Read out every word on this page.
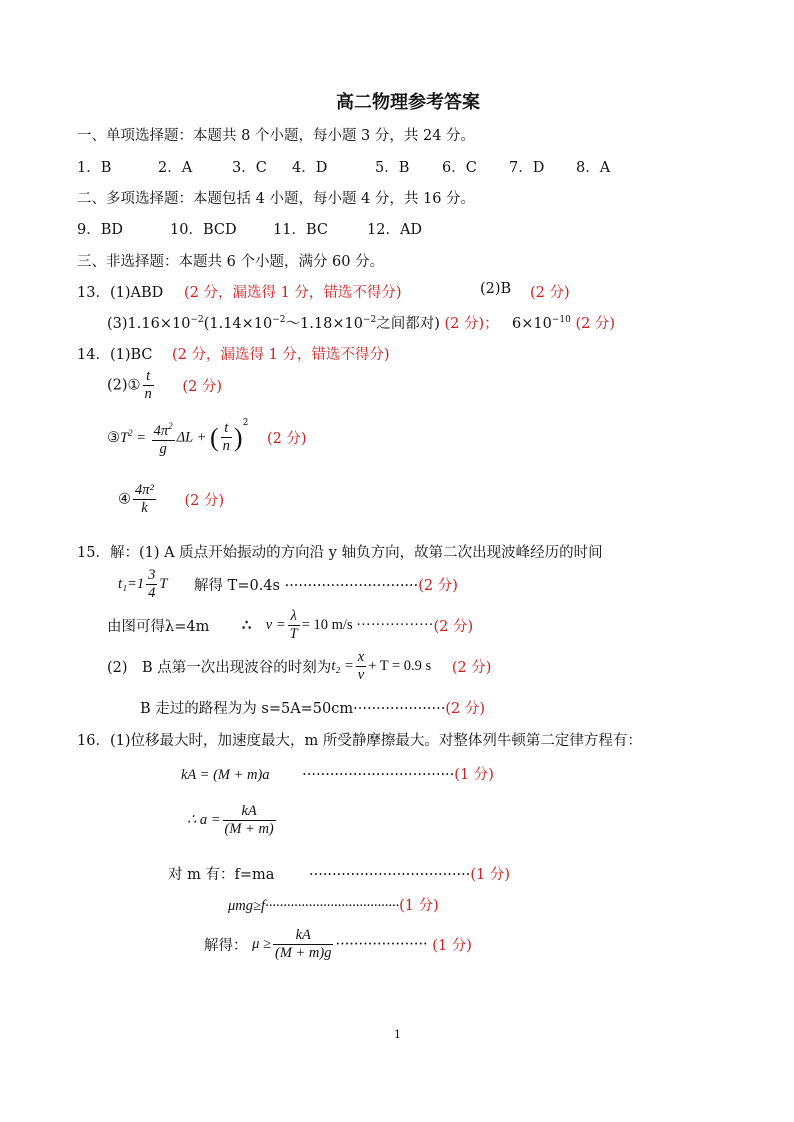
高二物理参考答案
一、单项选择题：本题共 8 个小题，每小题 3 分，共 24 分。
1．B	2．A	3．C 4．D	5．B 6．C 7．D 8．A
二、多项选择题：本题包括 4 小题，每小题 4 分，共 16 分。
9．BD	10．BCD	11．BC	12．AD
三、非选择题：本题共 6 个小题，满分 60 分。
13．(1)ABD (2 分，漏选得 1 分，错选不得分)	(2)B (2 分)
$(3)1.16\times 10^{-2}(1.14\times 10^{-2}\sim 1.18\times 10^{-2}$之间都对) (2 分)； $6\times 10^{-10}$ (2 分)
14．(1)BC (2 分，漏选得 1 分，错选不得分)
(2)① $\frac{t}{n} (2$ 分)
$③T^2 = \frac{4\pi^2}{g}$ ΔL + ( $\frac{t}{n} )^2$ (2 分)
④ $\frac{\text{4π²}}{k} (2$ 分)
15．解：(1) A 质点开始振动的方向沿 y 轴负方向，故第二次出现波峰经历的时间
$t_1=1 \frac{3}{4}$ T 解得 T=0.4s ·····························(2 分)
由图可得λ=4m ∴ $v = \frac{\lambda}{T} = 10$ m/s ················(2 分)
(2)　B 点第一次出现波谷的时刻为$t_2 = \frac{x}{v} + T = 0.9$ s (2 分)
B 走过的路程为为 s=5A=50cm····················(2 分)
16．(1)位移最大时，加速度最大，m 所受静摩擦最大。对整体列牛顿第二定律方程有：
kA = (M + m)a ·································(1 分)
∴ $a = \frac{kA}{(M + m)}$
对 m 有：f=ma ···································(1 分)
μmg≥f·····································(1 分)
解得： $\mu \ge \frac{kA}{(M + m)g}$ ···················· (1 分)
1
